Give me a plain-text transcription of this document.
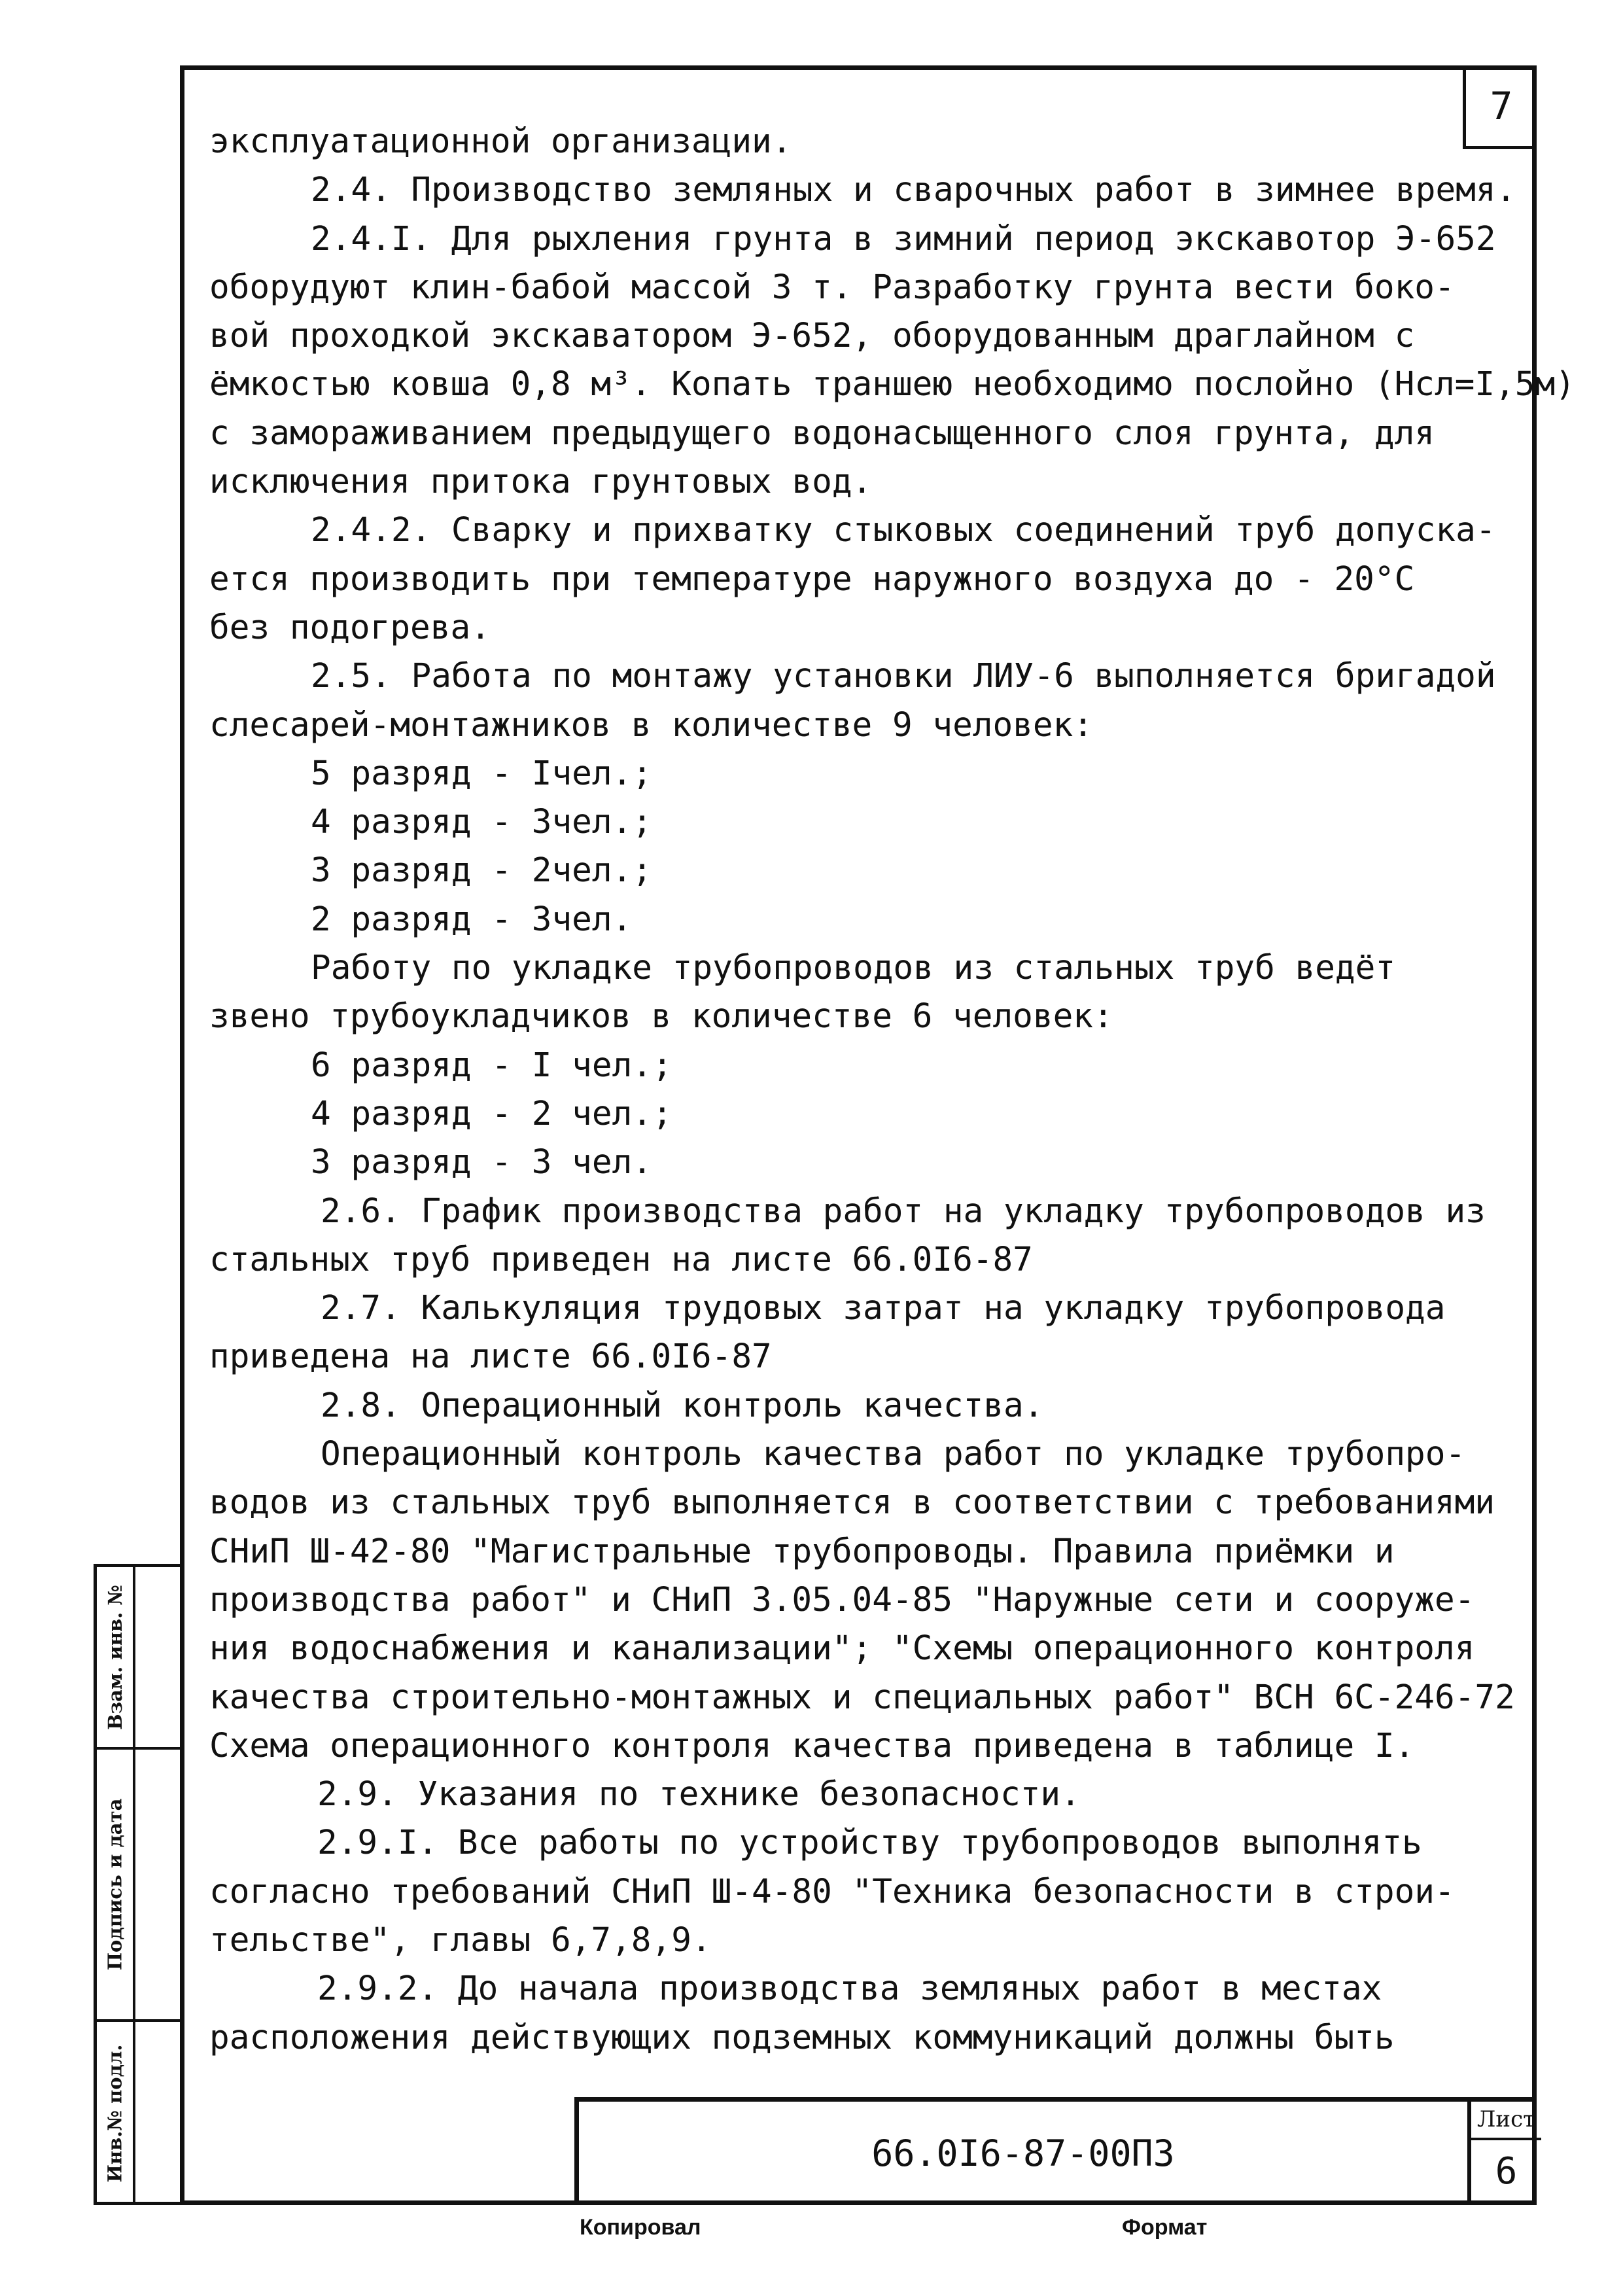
7
эксплуатационной организации.
2.4. Производство земляных и сварочных работ в зимнее время.
2.4.I. Для рыхления грунта в зимний период экскавотор Э-652
оборудуют клин-бабой массой 3 т. Разработку грунта вести боко-
вой проходкой экскаватором Э-652, оборудованным драглайном с
ёмкостью ковша 0,8 м³. Копать траншею необходимо послойно (Нсл=I,5м)
с замораживанием предыдущего водонасыщенного слоя грунта, для
исключения притока грунтовых вод.
2.4.2. Сварку и прихватку стыковых соединений труб допуска-
ется производить при температуре наружного воздуха до - 20°С
без подогрева.
2.5. Работа по монтажу установки ЛИУ-6 выполняется бригадой
слесарей-монтажников в количестве 9 человек:
5 разряд - Iчел.;
4 разряд - 3чел.;
3 разряд - 2чел.;
2 разряд - 3чел.
Работу по укладке трубопроводов из стальных труб ведёт
звено трубоукладчиков в количестве 6 человек:
6 разряд - I чел.;
4 разряд - 2 чел.;
3 разряд - 3 чел.
2.6. График производства работ на укладку трубопроводов из
стальных труб приведен на листе 66.0I6-87
2.7. Калькуляция трудовых затрат на укладку трубопровода
приведена на листе 66.0I6-87
2.8. Операционный контроль качества.
Операционный контроль качества работ по укладке трубопро-
водов из стальных труб выполняется в соответствии с требованиями
СНиП Ш-42-80 "Магистральные трубопроводы. Правила приёмки и
производства работ" и СНиП 3.05.04-85 "Наружные сети и сооруже-
ния водоснабжения и канализации"; "Схемы операционного контроля
качества строительно-монтажных и специальных работ" ВСН 6С-246-72
Схема операционного контроля качества приведена в таблице I.
2.9. Указания по технике безопасности.
2.9.I. Все работы по устройству трубопроводов выполнять
согласно требований СНиП Ш-4-80 "Техника безопасности в строи-
тельстве", главы 6,7,8,9.
2.9.2. До начала производства земляных работ в местах
расположения действующих подземных коммуникаций должны быть
Взам. инв. №
Подпись и дата
Инв.№ подл.	66.0I6-87-00ПЗ
Лист
6
Копировал	Формат
